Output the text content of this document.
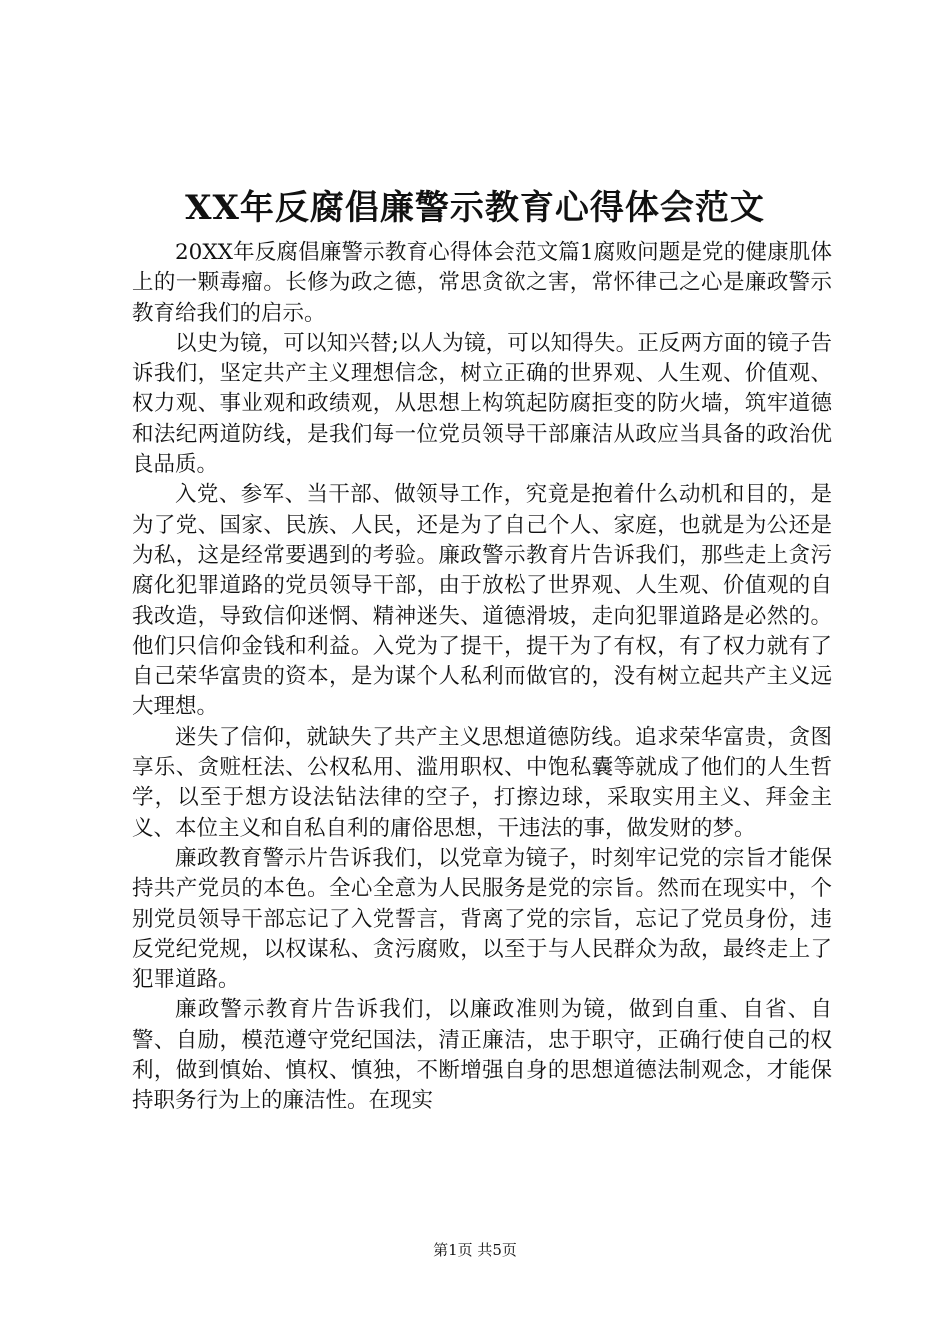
XX年反腐倡廉警示教育心得体会范文

20XX年反腐倡廉警示教育心得体会范文篇1腐败问题是党的健康肌体上的一颗毒瘤。长修为政之德，常思贪欲之害，常怀律己之心是廉政警示教育给我们的启示。

以史为镜，可以知兴替;以人为镜，可以知得失。正反两方面的镜子告诉我们，坚定共产主义理想信念，树立正确的世界观、人生观、价值观、权力观、事业观和政绩观，从思想上构筑起防腐拒变的防火墙，筑牢道德和法纪两道防线，是我们每一位党员领导干部廉洁从政应当具备的政治优良品质。

入党、参军、当干部、做领导工作，究竟是抱着什么动机和目的，是为了党、国家、民族、人民，还是为了自己个人、家庭，也就是为公还是为私，这是经常要遇到的考验。廉政警示教育片告诉我们，那些走上贪污腐化犯罪道路的党员领导干部，由于放松了世界观、人生观、价值观的自我改造，导致信仰迷惘、精神迷失、道德滑坡，走向犯罪道路是必然的。他们只信仰金钱和利益。入党为了提干，提干为了有权，有了权力就有了自己荣华富贵的资本，是为谋个人私利而做官的，没有树立起共产主义远大理想。

迷失了信仰，就缺失了共产主义思想道德防线。追求荣华富贵，贪图享乐、贪赃枉法、公权私用、滥用职权、中饱私囊等就成了他们的人生哲学，以至于想方设法钻法律的空子，打擦边球，采取实用主义、拜金主义、本位主义和自私自利的庸俗思想，干违法的事，做发财的梦。

廉政教育警示片告诉我们，以党章为镜子，时刻牢记党的宗旨才能保持共产党员的本色。全心全意为人民服务是党的宗旨。然而在现实中，个别党员领导干部忘记了入党誓言，背离了党的宗旨，忘记了党员身份，违反党纪党规，以权谋私、贪污腐败，以至于与人民群众为敌，最终走上了犯罪道路。

廉政警示教育片告诉我们，以廉政准则为镜，做到自重、自省、自警、自励，模范遵守党纪国法，清正廉洁，忠于职守，正确行使自己的权利，做到慎始、慎权、慎独，不断增强自身的思想道德法制观念，才能保持职务行为上的廉洁性。在现实

第1页 共5页
